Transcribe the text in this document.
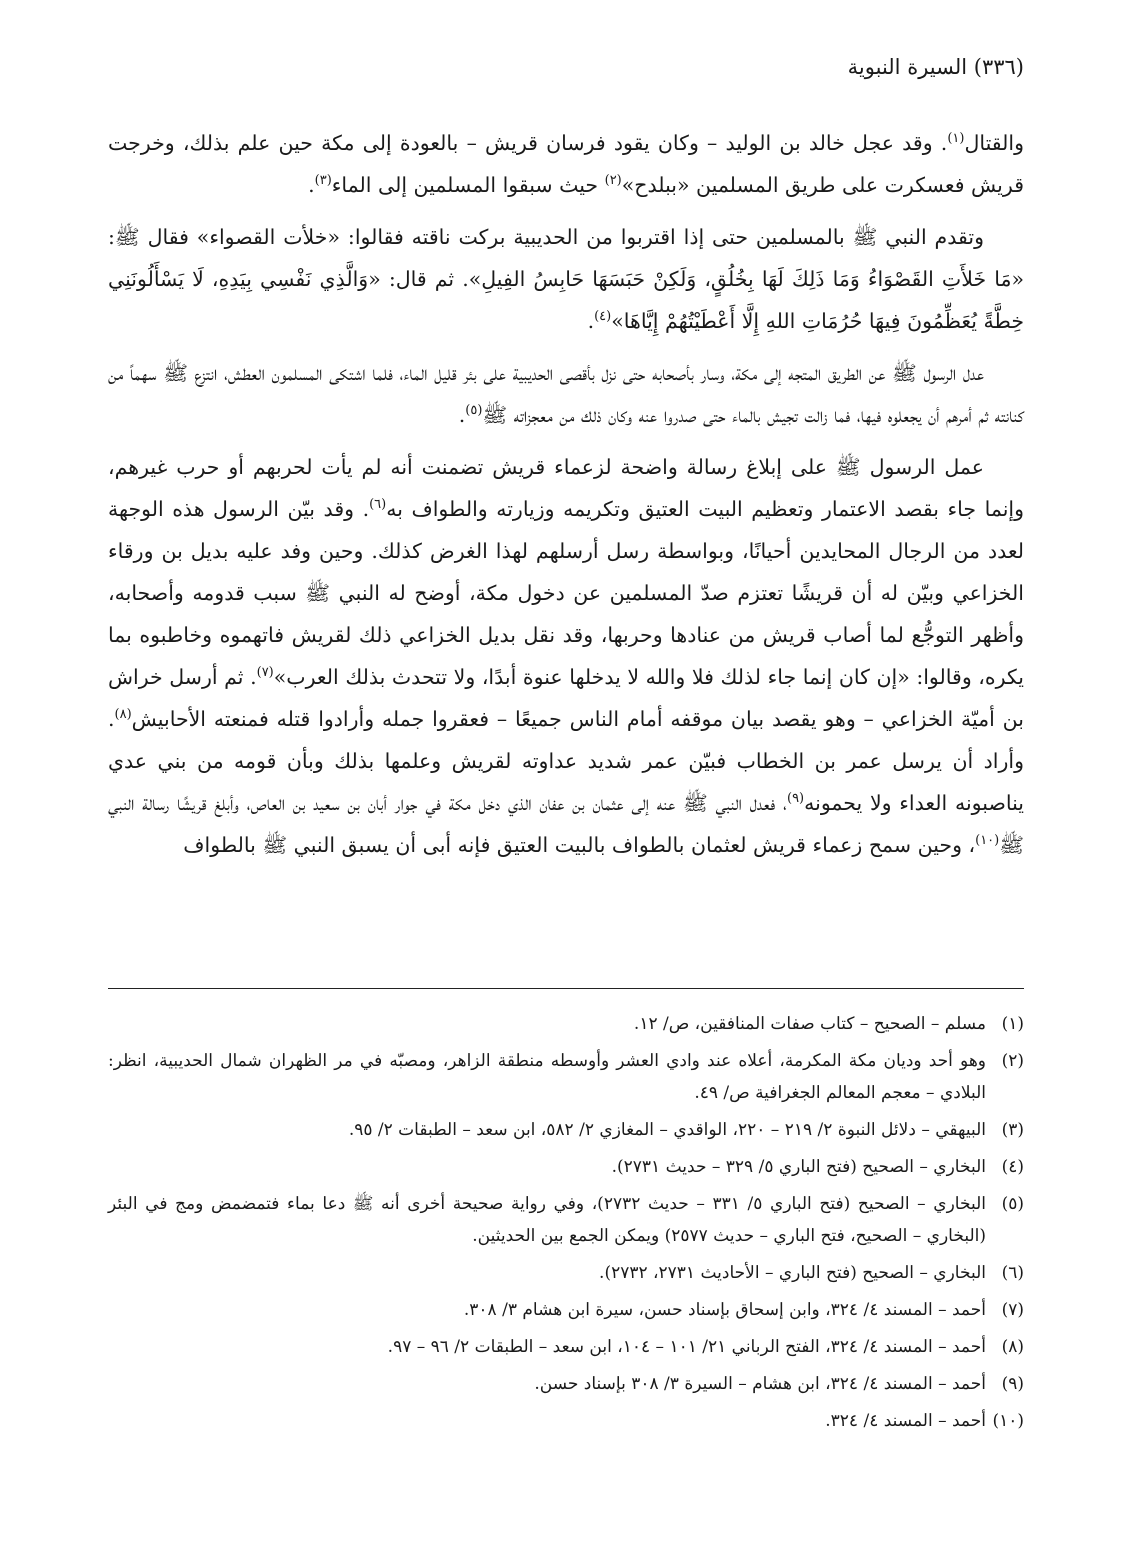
(٣٣٦) السيرة النبوية

والقتال$^{(١)}$. وقد عجل خالد بن الوليد – وكان يقود فرسان قريش – بالعودة إلى مكة حين علم بذلك، وخرجت قريش فعسكرت على طريق المسلمين «ببلدح»$^{(٢)}$ حيث سبقوا المسلمين إلى الماء$^{(٣)}$.

وتقدم النبي ﷺ بالمسلمين حتى إذا اقتربوا من الحديبية بركت ناقته فقالوا: «خلأت القصواء» فقال ﷺ: «مَا خَلأَتِ القَصْوَاءُ وَمَا ذَلِكَ لَهَا بِخُلُقٍ، وَلَكِنْ حَبَسَهَا حَابِسُ الفِيلِ». ثم قال: «وَالَّذِي نَفْسِي بِيَدِهِ، لَا يَسْأَلُونَنِي خِطَّةً يُعَظِّمُونَ فِيهَا حُرُمَاتِ اللهِ إِلَّا أَعْطَيْتُهُمْ إِيَّاهَا»$^{(٤)}$.

عدل الرسول ﷺ عن الطريق المتجه إلى مكة، وسار بأصحابه حتى نزل بأقصى الحديبية على بئر قليل الماء، فلما اشتكى المسلمون العطش، انتزع ﷺ سهماً من كنانته ثم أمرهم أن يجعلوه فيها، فما زالت تجيش بالماء حتى صدروا عنه وكان ذلك من معجزاته ﷺ$^{(٥)}$.

عمل الرسول ﷺ على إبلاغ رسالة واضحة لزعماء قريش تضمنت أنه لم يأت لحربهم أو حرب غيرهم، وإنما جاء بقصد الاعتمار وتعظيم البيت العتيق وتكريمه وزيارته والطواف به$^{(٦)}$. وقد بيّن الرسول هذه الوجهة لعدد من الرجال المحايدين أحيانًا، وبواسطة رسل أرسلهم لهذا الغرض كذلك. وحين وفد عليه بديل بن ورقاء الخزاعي وبيّن له أن قريشًا تعتزم صدّ المسلمين عن دخول مكة، أوضح له النبي ﷺ سبب قدومه وأصحابه، وأظهر التوجُّع لما أصاب قريش من عنادها وحربها، وقد نقل بديل الخزاعي ذلك لقريش فاتهموه وخاطبوه بما يكره، وقالوا: «إن كان إنما جاء لذلك فلا والله لا يدخلها عنوة أبدًا، ولا تتحدث بذلك العرب»$^{(٧)}$. ثم أرسل خراش بن أميّة الخزاعي – وهو يقصد بيان موقفه أمام الناس جميعًا – فعقروا جمله وأرادوا قتله فمنعته الأحابيش$^{(٨)}$. وأراد أن يرسل عمر بن الخطاب فبيّن عمر شديد عداوته لقريش وعلمها بذلك وبأن قومه من بني عدي يناصبونه العداء ولا يحمونه$^{(٩)}$، فعدل النبي ﷺ عنه إلى عثمان بن عفان الذي دخل مكة في جوار أبان بن سعيد بن العاص، وأبلغ قريشًا رسالة النبي ﷺ$^{(١٠)}$، وحين سمح زعماء قريش لعثمان بالطواف بالبيت العتيق فإنه أبى أن يسبق النبي ﷺ بالطواف

(١)
مسلم – الصحيح – كتاب صفات المنافقين، ص/ ١٢.
(٢)
وهو أحد وديان مكة المكرمة، أعلاه عند وادي العشر وأوسطه منطقة الزاهر، ومصبّه في مر الظهران شمال الحديبية، انظر: البلادي – معجم المعالم الجغرافية ص/ ٤٩.
(٣)
البيهقي – دلائل النبوة ٢/ ٢١٩ – ٢٢٠، الواقدي – المغازي ٢/ ٥٨٢، ابن سعد – الطبقات ٢/ ٩٥.
(٤)
البخاري – الصحيح (فتح الباري ٥/ ٣٢٩ – حديث ٢٧٣١).
(٥)
البخاري – الصحيح (فتح الباري ٥/ ٣٣١ – حديث ٢٧٣٢)، وفي رواية صحيحة أخرى أنه ﷺ دعا بماء فتمضمض ومج في البئر (البخاري – الصحيح، فتح الباري – حديث ٢٥٧٧) ويمكن الجمع بين الحديثين.
(٦)
البخاري – الصحيح (فتح الباري – الأحاديث ٢٧٣١، ٢٧٣٢).
(٧)
أحمد – المسند ٤/ ٣٢٤، وابن إسحاق بإسناد حسن، سيرة ابن هشام ٣/ ٣٠٨.
(٨)
أحمد – المسند ٤/ ٣٢٤، الفتح الرباني ٢١/ ١٠١ – ١٠٤، ابن سعد – الطبقات ٢/ ٩٦ – ٩٧.
(٩)
أحمد – المسند ٤/ ٣٢٤، ابن هشام – السيرة ٣/ ٣٠٨ بإسناد حسن.
(١٠)
أحمد – المسند ٤/ ٣٢٤.
